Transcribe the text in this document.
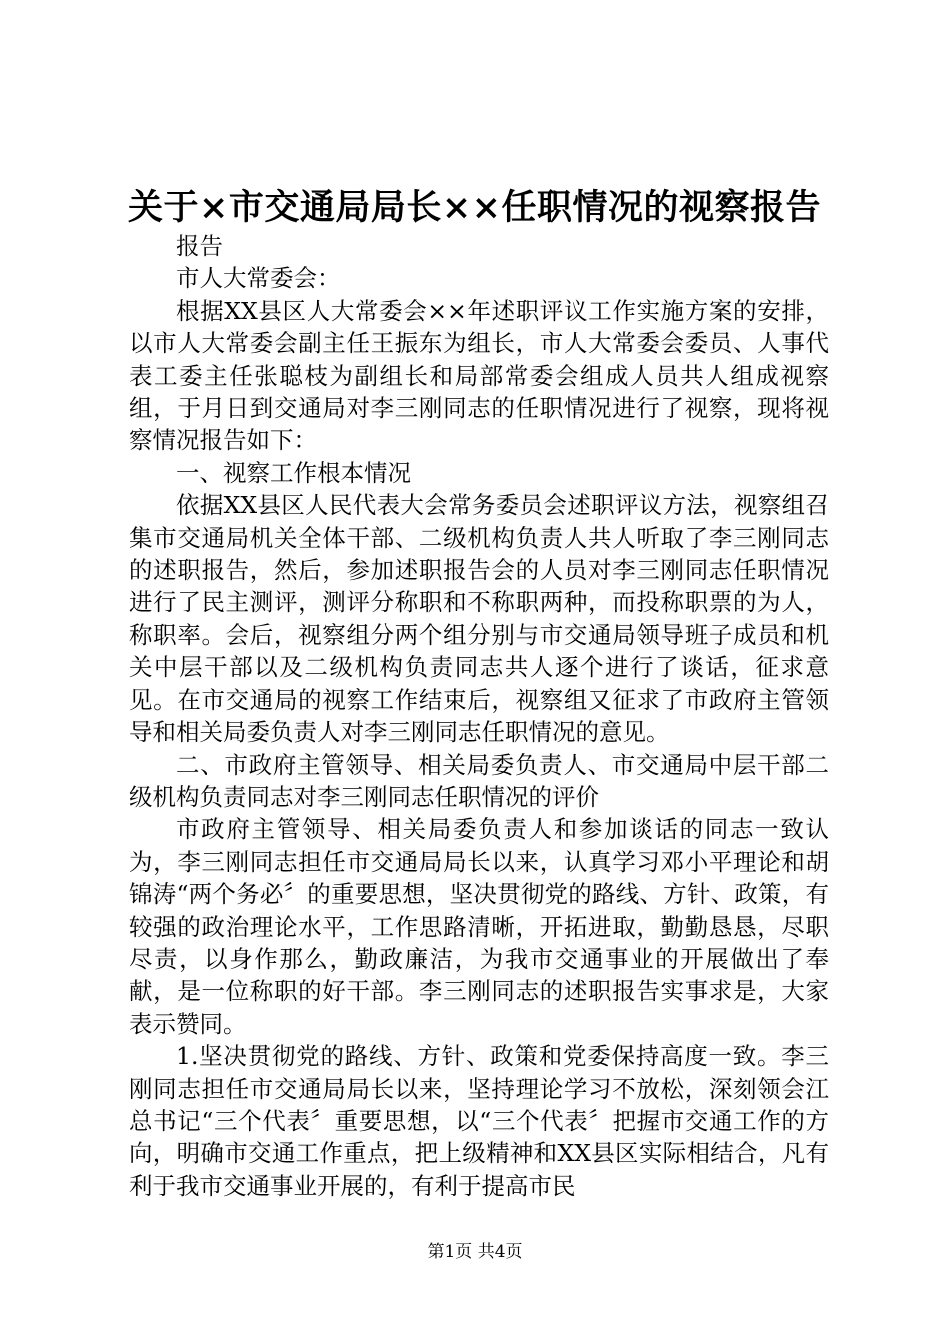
关于×市交通局局长××任职情况的视察报告

报告

市人大常委会：

根据XX县区人大常委会××年述职评议工作实施方案的安排，以市人大常委会副主任王振东为组长，市人大常委会委员、人事代表工委主任张聪枝为副组长和局部常委会组成人员共人组成视察组，于月日到交通局对李三刚同志的任职情况进行了视察，现将视察情况报告如下：

一、视察工作根本情况

依据XX县区人民代表大会常务委员会述职评议方法，视察组召集市交通局机关全体干部、二级机构负责人共人听取了李三刚同志的述职报告，然后，参加述职报告会的人员对李三刚同志任职情况进行了民主测评，测评分称职和不称职两种，而投称职票的为人，称职率。会后，视察组分两个组分别与市交通局领导班子成员和机关中层干部以及二级机构负责同志共人逐个进行了谈话，征求意见。在市交通局的视察工作结束后，视察组又征求了市政府主管领导和相关局委负责人对李三刚同志任职情况的意见。

二、市政府主管领导、相关局委负责人、市交通局中层干部二级机构负责同志对李三刚同志任职情况的评价

市政府主管领导、相关局委负责人和参加谈话的同志一致认为，李三刚同志担任市交通局局长以来，认真学习邓小平理论和胡锦涛“两个务必〞的重要思想，坚决贯彻党的路线、方针、政策，有较强的政治理论水平，工作思路清晰，开拓进取，勤勤恳恳，尽职尽责，以身作那么，勤政廉洁，为我市交通事业的开展做出了奉献，是一位称职的好干部。李三刚同志的述职报告实事求是，大家表示赞同。

1.坚决贯彻党的路线、方针、政策和党委保持高度一致。李三刚同志担任市交通局局长以来，坚持理论学习不放松，深刻领会江总书记“三个代表〞重要思想，以“三个代表〞把握市交通工作的方向，明确市交通工作重点，把上级精神和XX县区实际相结合，凡有利于我市交通事业开展的，有利于提高市民

第1页 共4页
